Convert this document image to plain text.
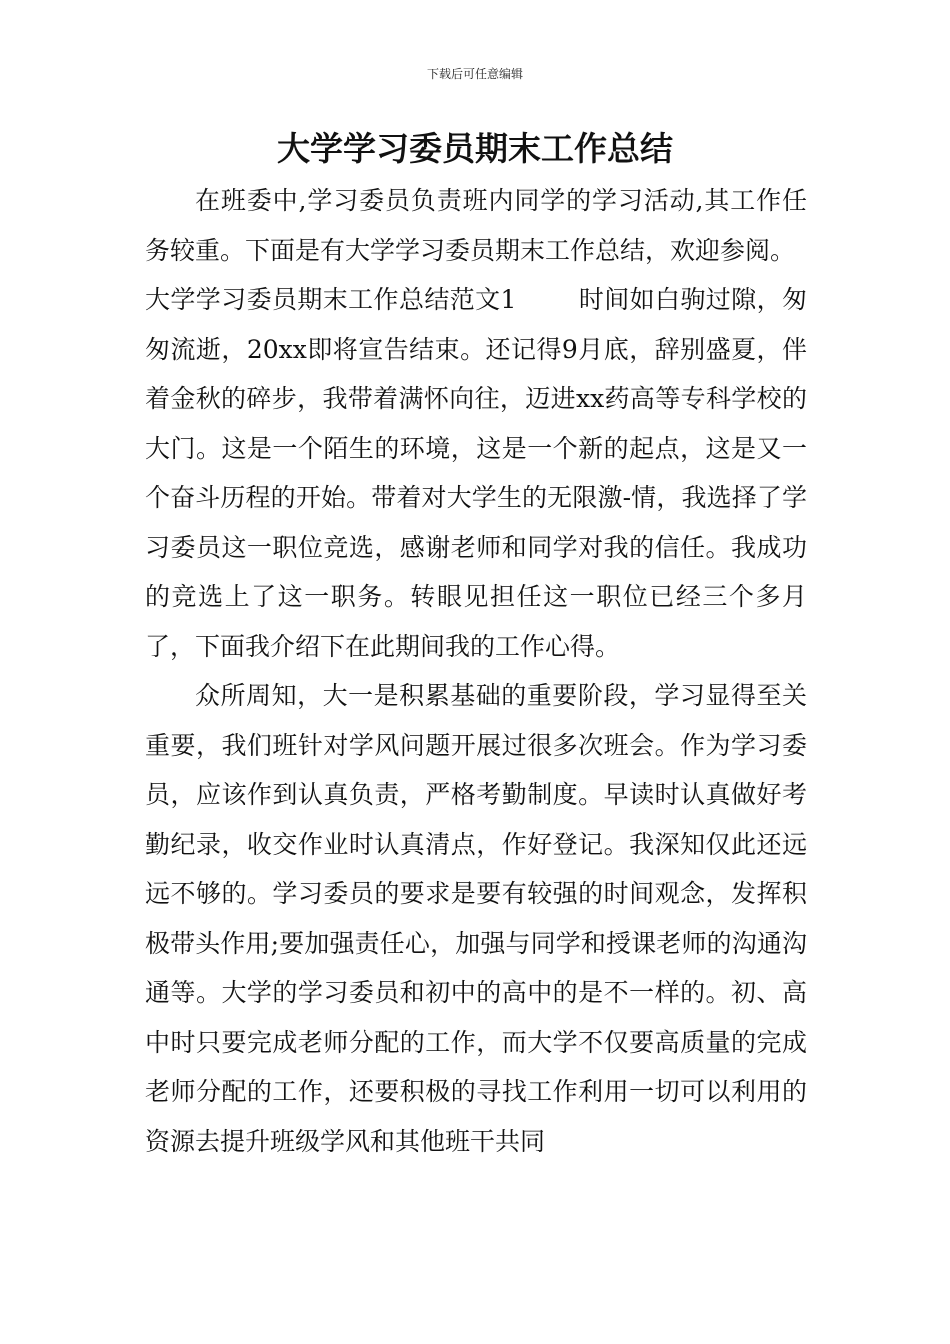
下载后可任意编辑
大学学习委员期末工作总结

在班委中,学习委员负责班内同学的学习活动,其工作任务较重。下面是有大学学习委员期末工作总结，欢迎参阅。

大学学习委员期末工作总结范文1 时间如白驹过隙，匆匆流逝，20xx即将宣告结束。还记得9月底，辞别盛夏，伴着金秋的碎步，我带着满怀向往，迈进xx药高等专科学校的大门。这是一个陌生的环境，这是一个新的起点，这是又一个奋斗历程的开始。带着对大学生的无限激-情，我选择了学习委员这一职位竞选，感谢老师和同学对我的信任。我成功的竞选上了这一职务。转眼见担任这一职位已经三个多月了，下面我介绍下在此期间我的工作心得。

众所周知，大一是积累基础的重要阶段，学习显得至关重要，我们班针对学风问题开展过很多次班会。作为学习委员，应该作到认真负责，严格考勤制度。早读时认真做好考勤纪录，收交作业时认真清点，作好登记。我深知仅此还远远不够的。学习委员的要求是要有较强的时间观念，发挥积极带头作用;要加强责任心，加强与同学和授课老师的沟通沟通等。大学的学习委员和初中的高中的是不一样的。初、高中时只要完成老师分配的工作，而大学不仅要高质量的完成老师分配的工作，还要积极的寻找工作利用一切可以利用的资源去提升班级学风和其他班干共同
